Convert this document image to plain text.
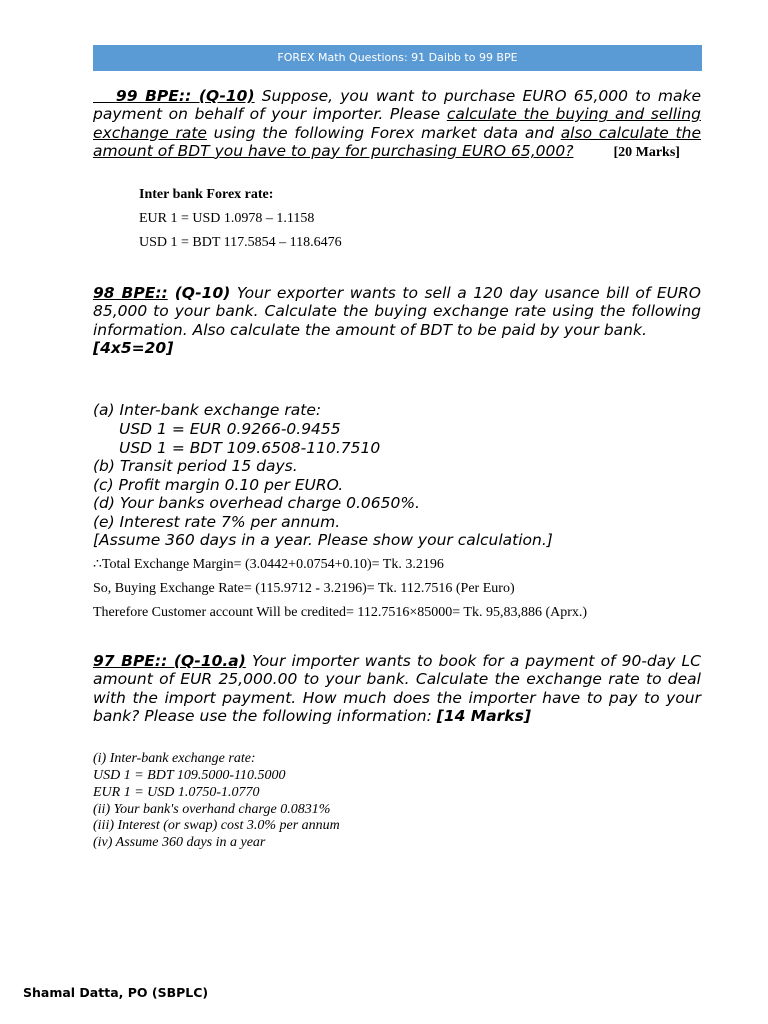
FOREX Math Questions: 91 Daibb to 99 BPE
99 BPE:: (Q-10) Suppose, you want to purchase EURO 65,000 to make payment on behalf of your importer. Please calculate the buying and selling exchange rate using the following Forex market data and also calculate the amount of BDT you have to pay for purchasing EURO 65,000?	[20 Marks]
Inter bank Forex rate:
EUR 1 = USD 1.0978 – 1.1158
USD 1 = BDT 117.5854 – 118.6476
98 BPE:: (Q-10) Your exporter wants to sell a 120 day usance bill of EURO 85,000 to your bank. Calculate the buying exchange rate using the following information. Also calculate the amount of BDT to be paid by your bank.
[4x5=20]
(a) Inter-bank exchange rate:
USD 1 = EUR 0.9266-0.9455
USD 1 = BDT 109.6508-110.7510
(b) Transit period 15 days.
(c) Profit margin 0.10 per EURO.
(d) Your banks overhead charge 0.0650%.
(e) Interest rate 7% per annum.
[Assume 360 days in a year. Please show your calculation.]
∴Total Exchange Margin= (3.0442+0.0754+0.10)= Tk. 3.2196
So, Buying Exchange Rate= (115.9712 - 3.2196)= Tk. 112.7516 (Per Euro)
Therefore Customer account Will be credited= 112.7516×85000= Tk. 95,83,886 (Aprx.)
97 BPE:: (Q-10.a) Your importer wants to book for a payment of 90-day LC amount of EUR 25,000.00 to your bank. Calculate the exchange rate to deal with the import payment. How much does the importer have to pay to your bank? Please use the following information: [14 Marks]
(i) Inter-bank exchange rate:
USD 1 = BDT 109.5000-110.5000
EUR 1 = USD 1.0750-1.0770
(ii) Your bank's overhand charge 0.0831%
(iii) Interest (or swap) cost 3.0% per annum
(iv) Assume 360 days in a year
Shamal Datta, PO (SBPLC)
